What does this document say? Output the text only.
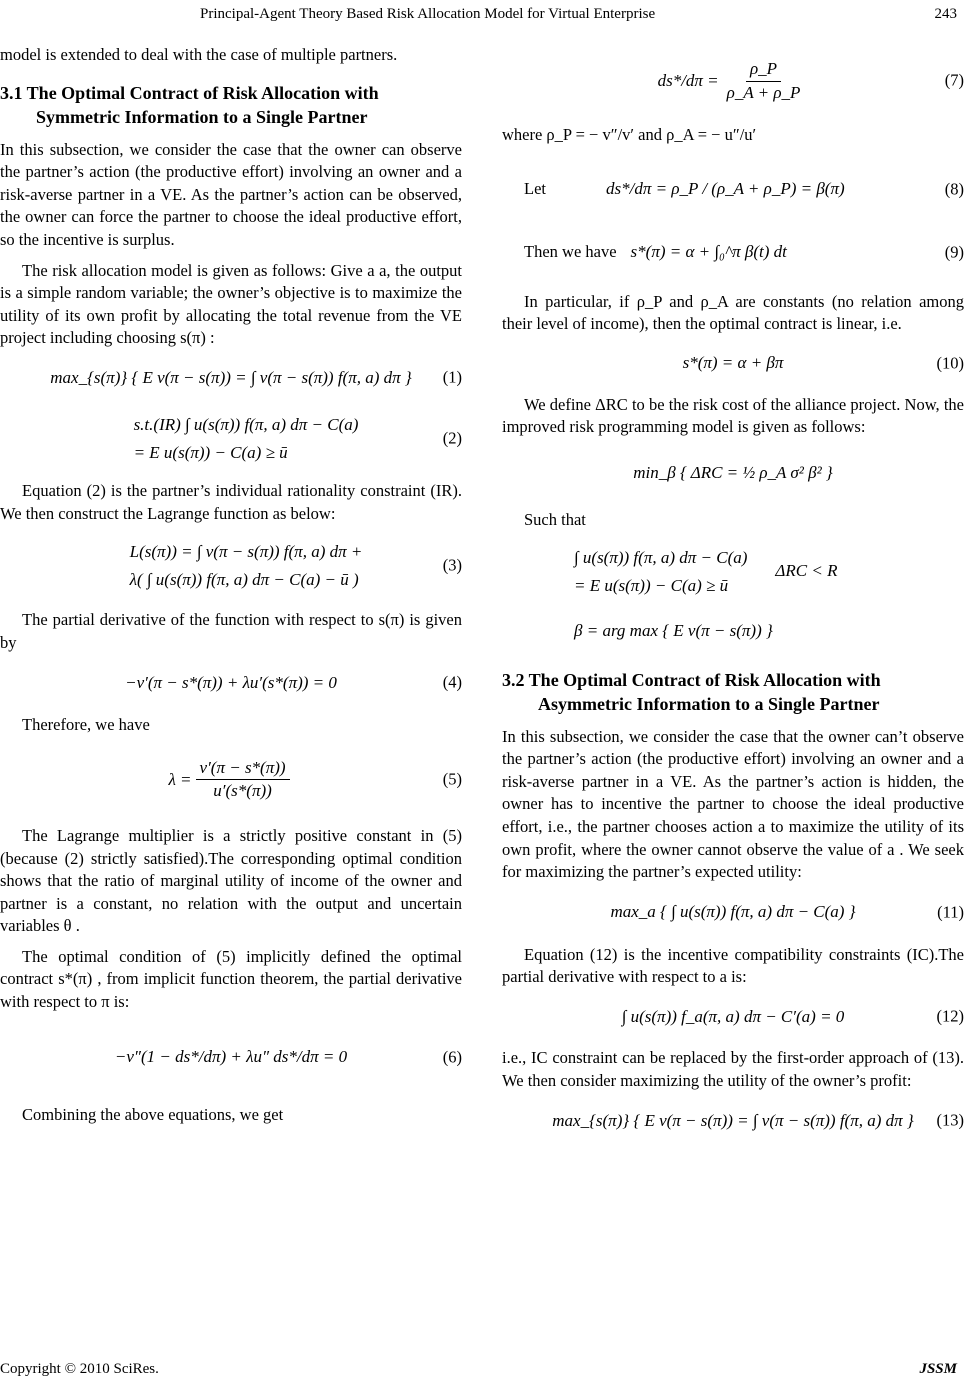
Principal-Agent Theory Based Risk Allocation Model for Virtual Enterprise	243

model is extended to deal with the case of multiple partners.

3.1 The Optimal Contract of Risk Allocation with Symmetric Information to a Single Partner

In this subsection, we consider the case that the owner can observe the partner’s action (the productive effort) involving an owner and a risk-averse partner in a VE. As the partner’s action can be observed, the owner can force the partner to choose the ideal productive effort, so the incentive is surplus.

The risk allocation model is given as follows: Give a a, the output is a simple random variable; the owner’s objective is to maximize the utility of its own profit by allocating the total revenue from the VE project including choosing s(π) :

max_{s(π)} { E v(π − s(π)) = ∫ v(π − s(π)) f(π, a) dπ } (1)
s.t.(IR) ∫ u(s(π)) f(π, a) dπ − C(a)
= E u(s(π)) − C(a) ≥ ū
(2)

Equation (2) is the partner’s individual rationality constraint (IR). We then construct the Lagrange function as below:

L(s(π)) = ∫ v(π − s(π)) f(π, a) dπ +
λ( ∫ u(s(π)) f(π, a) dπ − C(a) − ū )
(3)

The partial derivative of the function with respect to s(π) is given by

−v′(π − s*(π)) + λu′(s*(π)) = 0	(4)

Therefore, we have

$\lambda = \frac{v'(\pi - s*(\pi))}{u'(s*(\pi))}$	(5)

The Lagrange multiplier is a strictly positive constant in (5) (because (2) strictly satisfied).The corresponding optimal condition shows that the ratio of marginal utility of income of the owner and partner is a constant, no relation with the output and uncertain variables θ .

The optimal condition of (5) implicitly defined the optimal contract s*(π) , from implicit function theorem, the partial derivative with respect to π is:

−v″(1 − ds*/dπ) + λu″ ds*/dπ = 0	(6)

Combining the above equations, we get

$ds*/d\pi = \frac{\rho\_P}{\rho\_A + \rho\_P}$	(7)

where ρ_P = − v″/v′ and ρ_A = − u″/u′

Let	ds*/dπ = ρ_P / (ρ_A + ρ_P) = β(π)	(8)
Then we have s*(π) = α + ∫₀^π β(t) dt	(9)

In particular, if ρ_P and ρ_A are constants (no relation among their level of income), then the optimal contract is linear, i.e.

s*(π) = α + βπ	(10)

We define ΔRC to be the risk cost of the alliance project. Now, the improved risk programming model is given as follows:

min_β { ΔRC = ½ ρ_A σ² β² }

Such that

∫ u(s(π)) f(π, a) dπ − C(a)
= E u(s(π)) − C(a) ≥ ū
ΔRC < R
β = arg max { E v(π − s(π)) }
3.2 The Optimal Contract of Risk Allocation with Asymmetric Information to a Single Partner

In this subsection, we consider the case that the owner can’t observe the partner’s action (the productive effort) involving an owner and a risk-averse partner in a VE. As the partner’s action is hidden, the owner has to incentive the partner to choose the ideal productive effort, i.e., the partner chooses action a to maximize the utility of its own profit, where the owner cannot observe the value of a . We seek for maximizing the partner’s expected utility:

max_a { ∫ u(s(π)) f(π, a) dπ − C(a) }	(11)

Equation (12) is the incentive compatibility constraints (IC).The partial derivative with respect to a is:

∫ u(s(π)) f_a(π, a) dπ − C′(a) = 0	(12)

i.e., IC constraint can be replaced by the first-order approach of (13). We then consider maximizing the utility of the owner’s profit:

max_{s(π)} { E v(π − s(π)) = ∫ v(π − s(π)) f(π, a) dπ } (13)
Copyright © 2010 SciRes.	JSSM
